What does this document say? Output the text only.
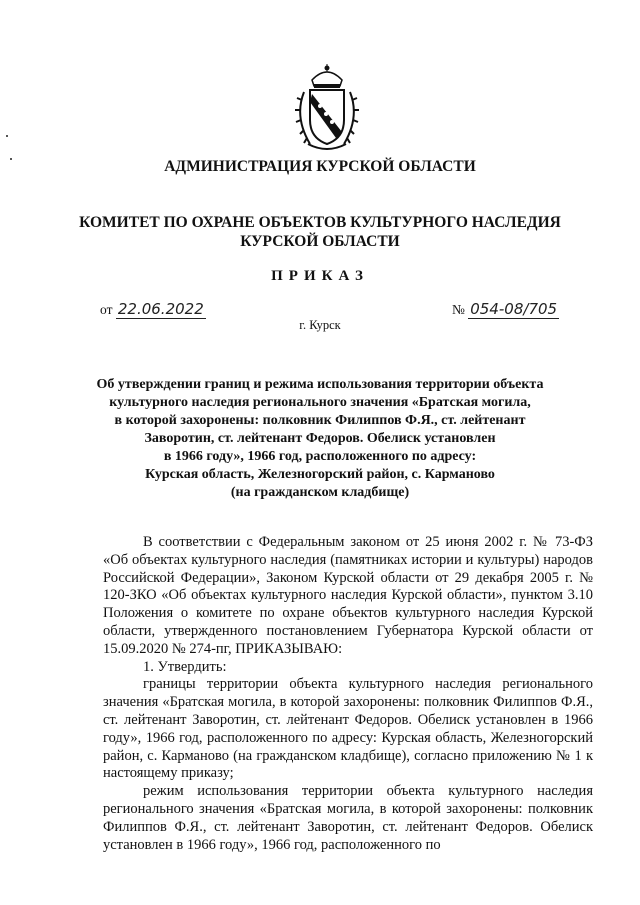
АДМИНИСТРАЦИЯ КУРСКОЙ ОБЛАСТИ
КОМИТЕТ ПО ОХРАНЕ ОБЪЕКТОВ КУЛЬТУРНОГО НАСЛЕДИЯ
КУРСКОЙ ОБЛАСТИ
ПРИКАЗ
от 22.06.2022	№ 054-08/705
г. Курск
Об утверждении границ и режима использования территории объекта
культурного наследия регионального значения «Братская могила,
в которой захоронены: полковник Филиппов Ф.Я., ст. лейтенант
Заворотин, ст. лейтенант Федоров. Обелиск установлен
в 1966 году», 1966 год, расположенного по адресу:
Курская область, Железногорский район, с. Карманово
(на гражданском кладбище)

В соответствии с Федеральным законом от 25 июня 2002 г. № 73-ФЗ «Об объектах культурного наследия (памятниках истории и культуры) народов Российской Федерации», Законом Курской области от 29 декабря 2005 г. № 120-ЗКО «Об объектах культурного наследия Курской области», пунктом 3.10 Положения о комитете по охране объектов культурного наследия Курской области, утвержденного постановлением Губернатора Курской области от 15.09.2020 № 274-пг, ПРИКАЗЫВАЮ:

1. Утвердить:

границы территории объекта культурного наследия регионального значения «Братская могила, в которой захоронены: полковник Филиппов Ф.Я., ст. лейтенант Заворотин, ст. лейтенант Федоров. Обелиск установлен в 1966 году», 1966 год, расположенного по адресу: Курская область, Железногорский район, с. Карманово (на гражданском кладбище), согласно приложению № 1 к настоящему приказу;

режим использования территории объекта культурного наследия регионального значения «Братская могила, в которой захоронены: полковник Филиппов Ф.Я., ст. лейтенант Заворотин, ст. лейтенант Федоров. Обелиск установлен в 1966 году», 1966 год, расположенного по
